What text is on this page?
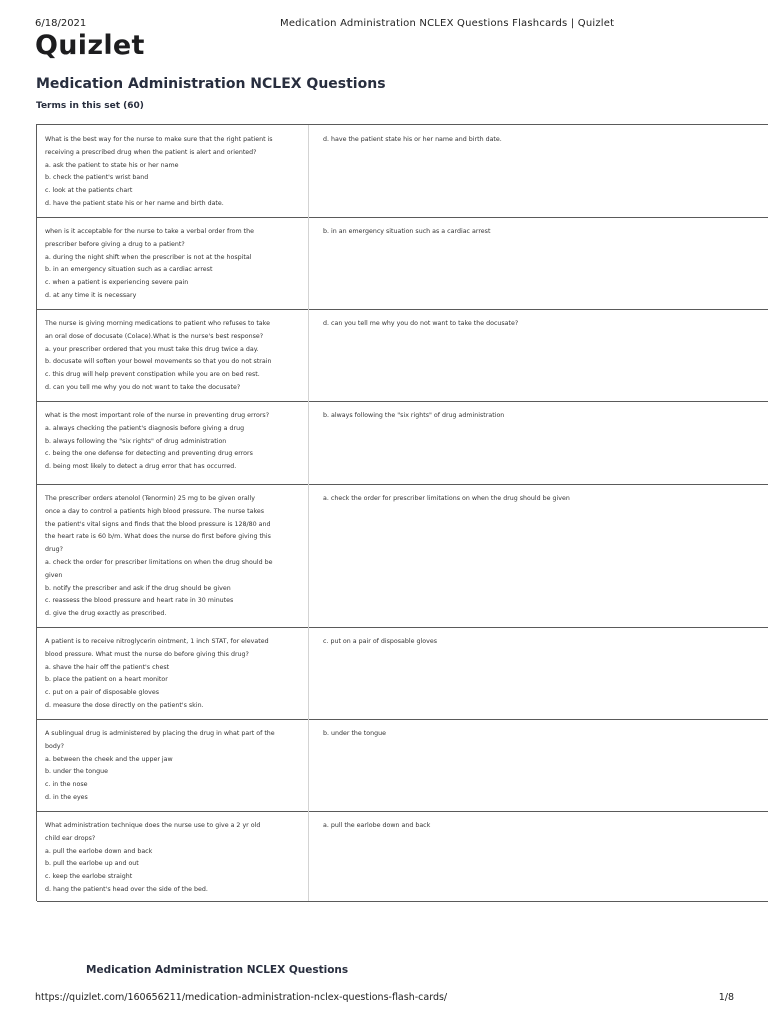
6/18/2021	Medication Administration NCLEX Questions Flashcards | Quizlet
Quizlet
Medication Administration NCLEX Questions
Terms in this set (60)
What is the best way for the nurse to make sure that the right patient is
receiving a prescribed drug when the patient is alert and oriented?
a. ask the patient to state his or her name
b. check the patient's wrist band
c. look at the patients chart
d. have the patient state his or her name and birth date.
d. have the patient state his or her name and birth date.
when is it acceptable for the nurse to take a verbal order from the
prescriber before giving a drug to a patient?
a. during the night shift when the prescriber is not at the hospital
b. in an emergency situation such as a cardiac arrest
c. when a patient is experiencing severe pain
d. at any time it is necessary
b. in an emergency situation such as a cardiac arrest
The nurse is giving morning medications to patient who refuses to take
an oral dose of docusate (Colace).What is the nurse's best response?
a. your prescriber ordered that you must take this drug twice a day.
b. docusate will soften your bowel movements so that you do not strain
c. this drug will help prevent constipation while you are on bed rest.
d. can you tell me why you do not want to take the docusate?
d. can you tell me why you do not want to take the docusate?
what is the most important role of the nurse in preventing drug errors?
a. always checking the patient's diagnosis before giving a drug
b. always following the "six rights" of drug administration
c. being the one defense for detecting and preventing drug errors
d. being most likely to detect a drug error that has occurred.
b. always following the "six rights" of drug administration
The prescriber orders atenolol (Tenormin) 25 mg to be given orally
once a day to control a patients high blood pressure. The nurse takes
the patient's vital signs and finds that the blood pressure is 128/80 and
the heart rate is 60 b/m. What does the nurse do first before giving this
drug?
a. check the order for prescriber limitations on when the drug should be
given
b. notify the prescriber and ask if the drug should be given
c. reassess the blood pressure and heart rate in 30 minutes
d. give the drug exactly as prescribed.
a. check the order for prescriber limitations on when the drug should be given
A patient is to receive nitroglycerin ointment, 1 inch STAT, for elevated
blood pressure. What must the nurse do before giving this drug?
a. shave the hair off the patient's chest
b. place the patient on a heart monitor
c. put on a pair of disposable gloves
d. measure the dose directly on the patient's skin.
c. put on a pair of disposable gloves
A sublingual drug is administered by placing the drug in what part of the
body?
a. between the cheek and the upper jaw
b. under the tongue
c. in the nose
d. in the eyes
b. under the tongue
What administration technique does the nurse use to give a 2 yr old
child ear drops?
a. pull the earlobe down and back
b. pull the earlobe up and out
c. keep the earlobe straight
d. hang the patient's head over the side of the bed.
a. pull the earlobe down and back
Medication Administration NCLEX Questions
https://quizlet.com/160656211/medication-administration-nclex-questions-flash-cards/	1/8
